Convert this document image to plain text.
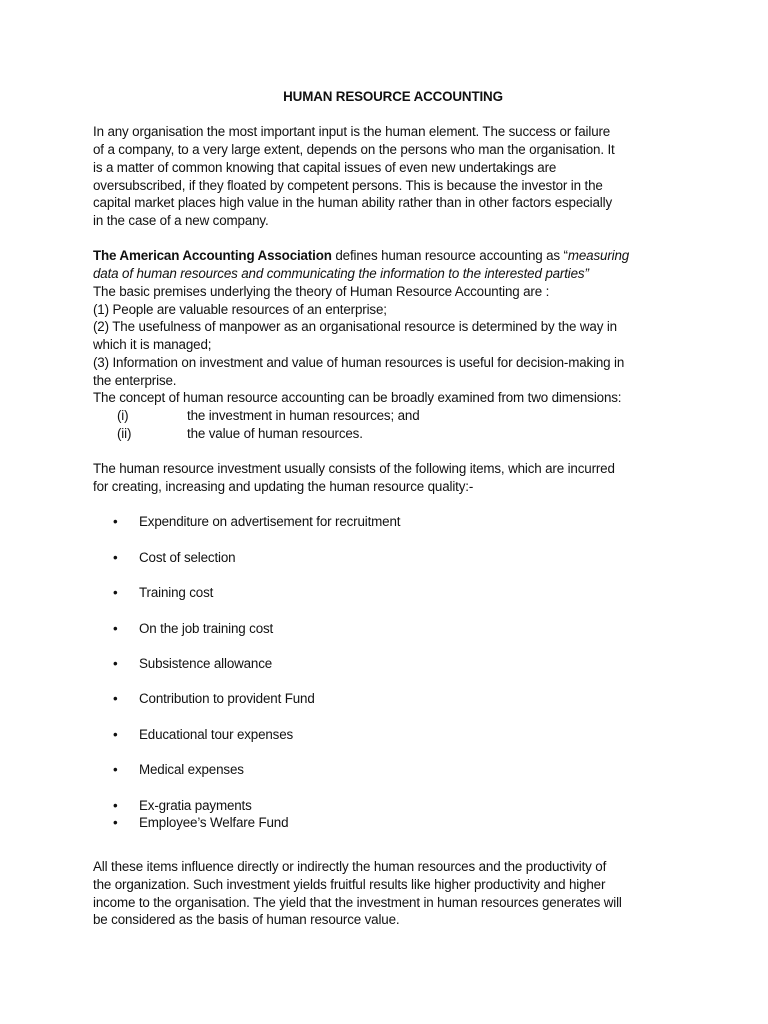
HUMAN RESOURCE ACCOUNTING
In any organisation the most important input is the human element. The success or failure
of a company, to a very large extent, depends on the persons who man the organisation. It
is a matter of common knowing that capital issues of even new undertakings are
oversubscribed, if they floated by competent persons. This is because the investor in the
capital market places high value in the human ability rather than in other factors especially
in the case of a new company.
The American Accounting Association defines human resource accounting as “measuring
data of human resources and communicating the information to the interested parties”
The basic premises underlying the theory of Human Resource Accounting are :
(1) People are valuable resources of an enterprise;
(2) The usefulness of manpower as an organisational resource is determined by the way in
which it is managed;
(3) Information on investment and value of human resources is useful for decision-making in
the enterprise.
The concept of human resource accounting can be broadly examined from two dimensions:
(i)	the investment in human resources; and
(ii)	the value of human resources.
The human resource investment usually consists of the following items, which are incurred
for creating, increasing and updating the human resource quality:-
• Expenditure on advertisement for recruitment
• Cost of selection
• Training cost
• On the job training cost
• Subsistence allowance
• Contribution to provident Fund
• Educational tour expenses
• Medical expenses
• Ex-gratia payments
• Employee’s Welfare Fund
All these items influence directly or indirectly the human resources and the productivity of
the organization. Such investment yields fruitful results like higher productivity and higher
income to the organisation. The yield that the investment in human resources generates will
be considered as the basis of human resource value.
